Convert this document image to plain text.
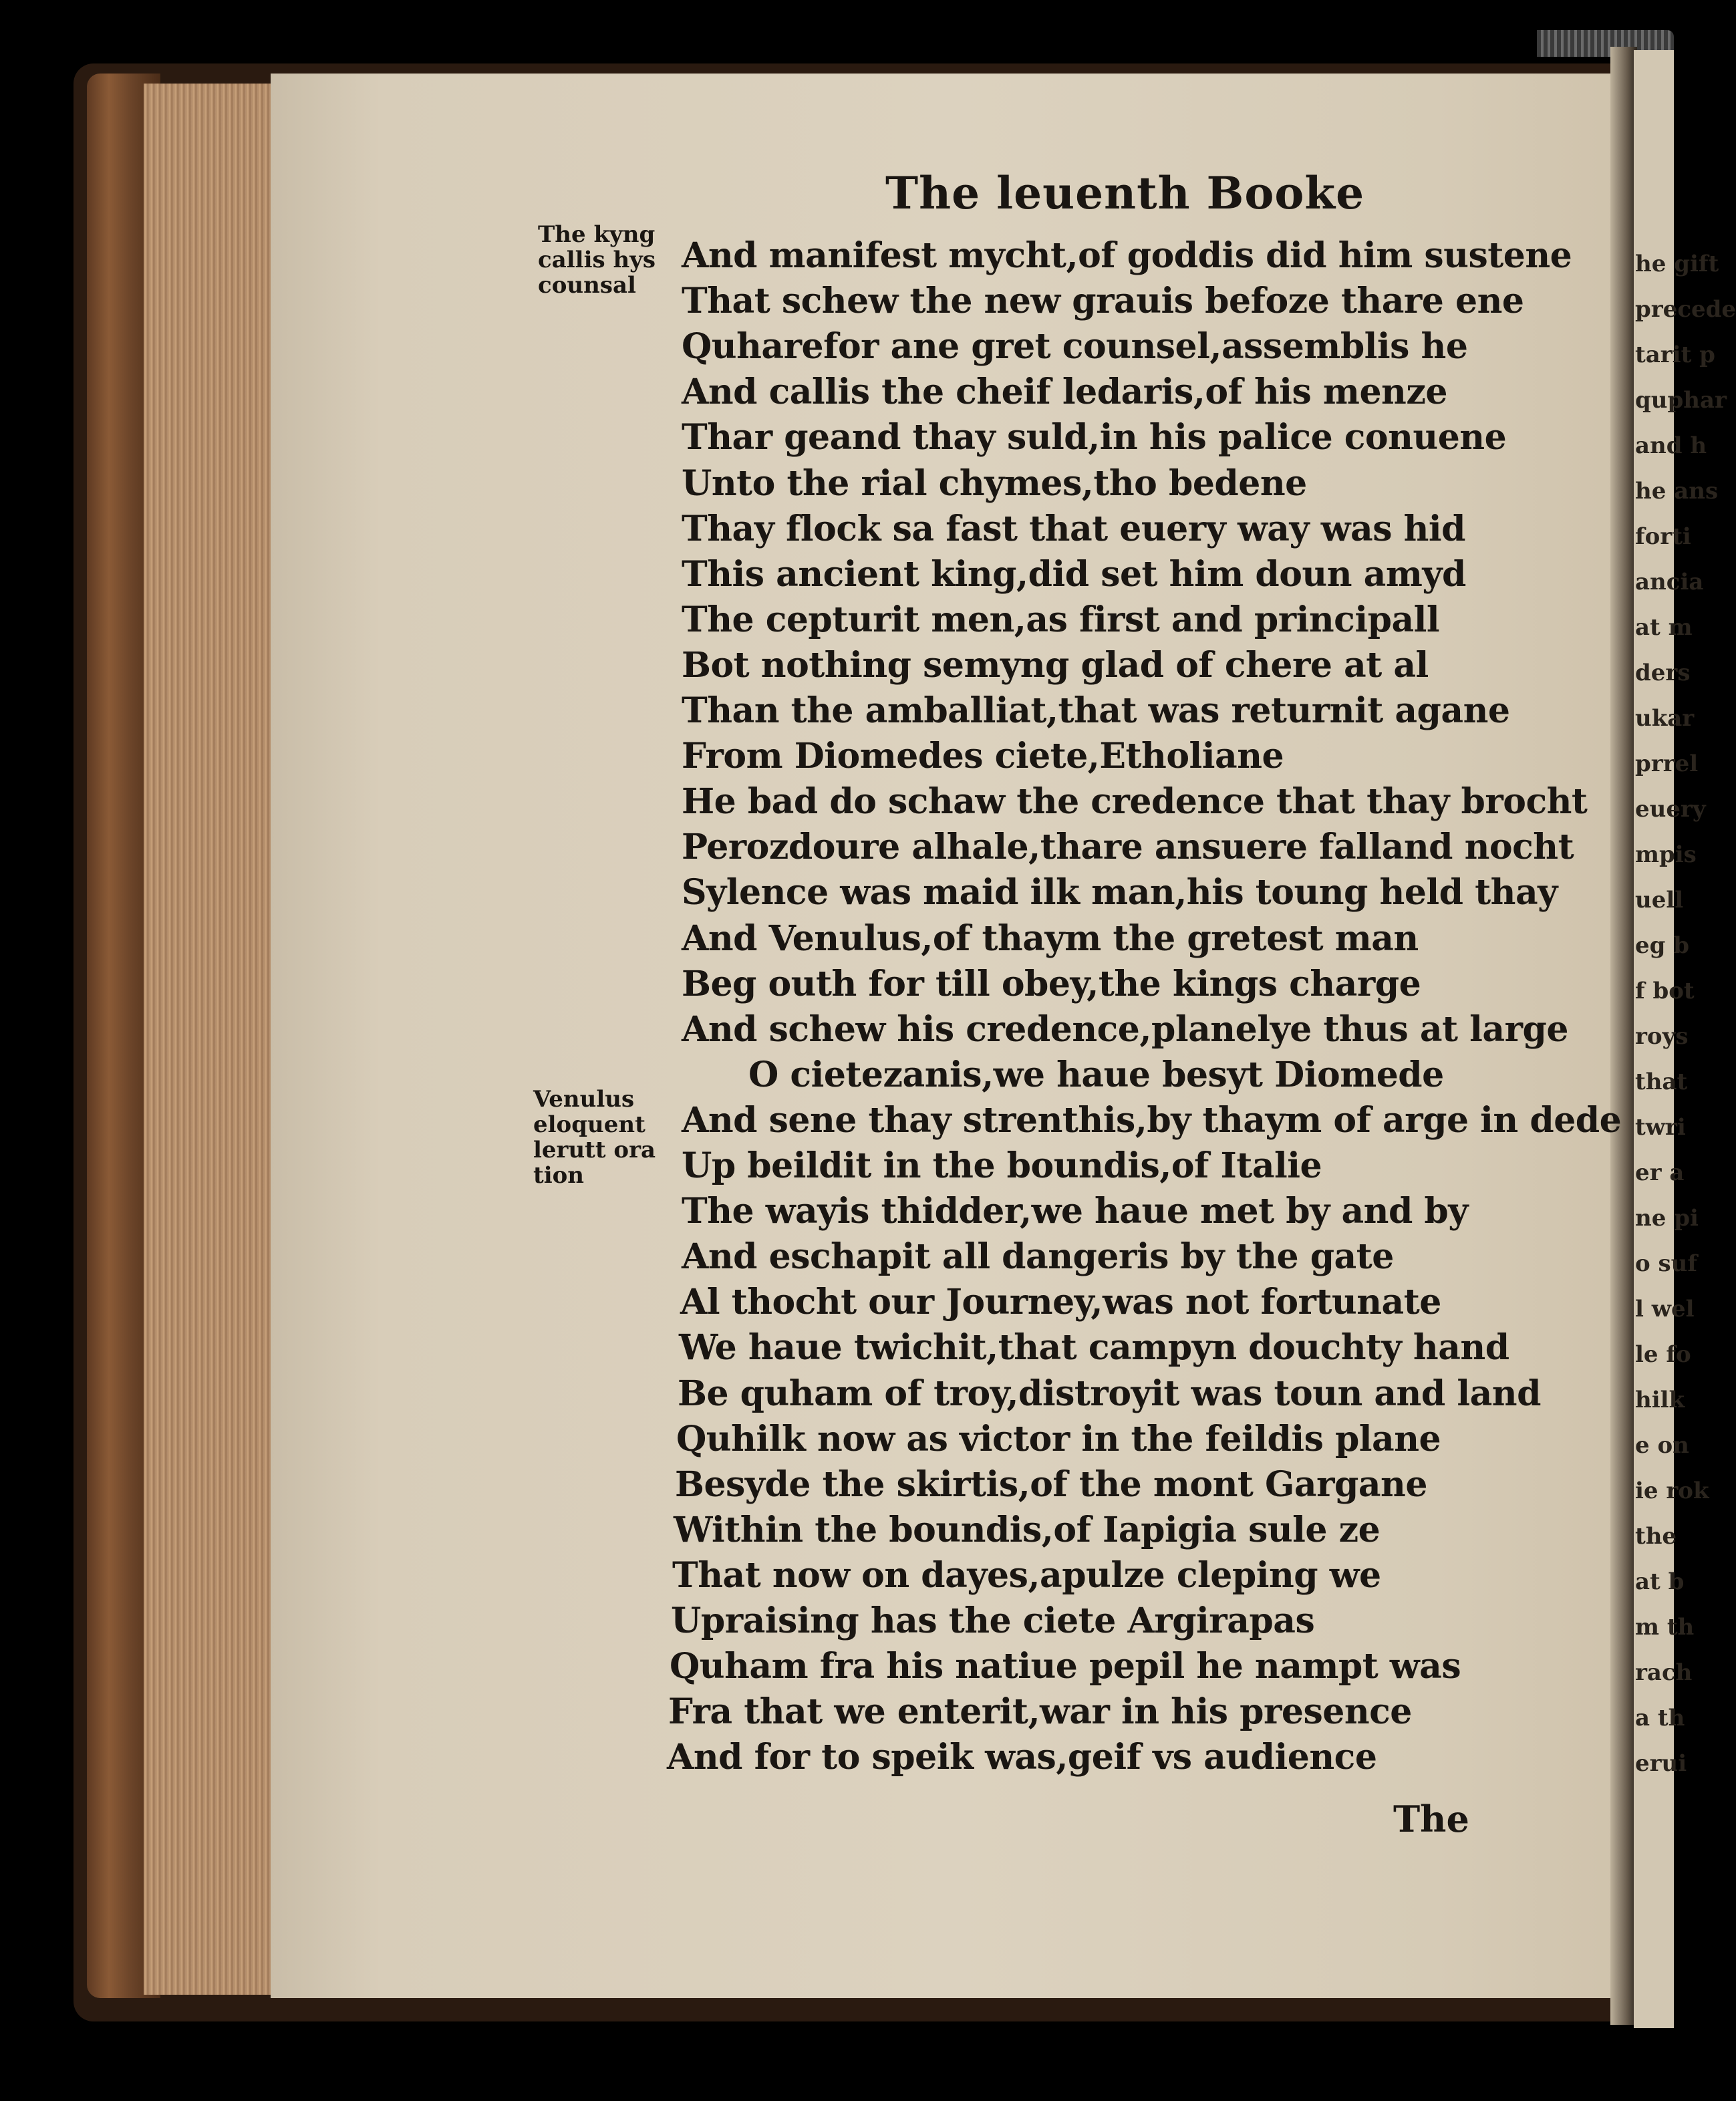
he gift
precede
tarit p
quphar
and h
he ans
forti
ancia
at m
ders
ukar
prrel
euery
mpis
uell
eg b
f bot
roys
that
twri
er a
ne pi
o suf
l wel
le fo
hilk
e on
ie rok
the
at b
m th
rach
a th
erui
The leuenth Booke
The kyng
callis hys
counsal
Venulus
eloquent
lerutt ora
tion
And manifest mycht,of goddis did him sustene
That schew the new grauis befoze thare ene
Quharefor ane gret counsel,assemblis he
And callis the cheif ledaris,of his menze
Thar geand thay suld,in his palice conuene
Unto the rial chymes,tho bedene
Thay flock sa fast that euery way was hid
This ancient king,did set him doun amyd
The cepturit men,as first and principall
Bot nothing semyng glad of chere at al
Than the amballiat,that was returnit agane
From Diomedes ciete,Etholiane
He bad do schaw the credence that thay brocht
Perozdoure alhale,thare ansuere falland nocht
Sylence was maid ilk man,his toung held thay
And Venulus,of thaym the gretest man
Beg outh for till obey,the kings charge
And schew his credence,planelye thus at large
O cietezanis,we haue besyt Diomede
And sene thay strenthis,by thaym of arge in dede
Up beildit in the boundis,of Italie
The wayis thidder,we haue met by and by
And eschapit all dangeris by the gate
Al thocht our Journey,was not fortunate
We haue twichit,that campyn douchty hand
Be quham of troy,distroyit was toun and land
Quhilk now as victor in the feildis plane
Besyde the skirtis,of the mont Gargane
Within the boundis,of Iapigia sule ze
That now on dayes,apulze cleping we
Upraising has the ciete Argirapas
Quham fra his natiue pepil he nampt was
Fra that we enterit,war in his presence
And for to speik was,geif vs audience
The
